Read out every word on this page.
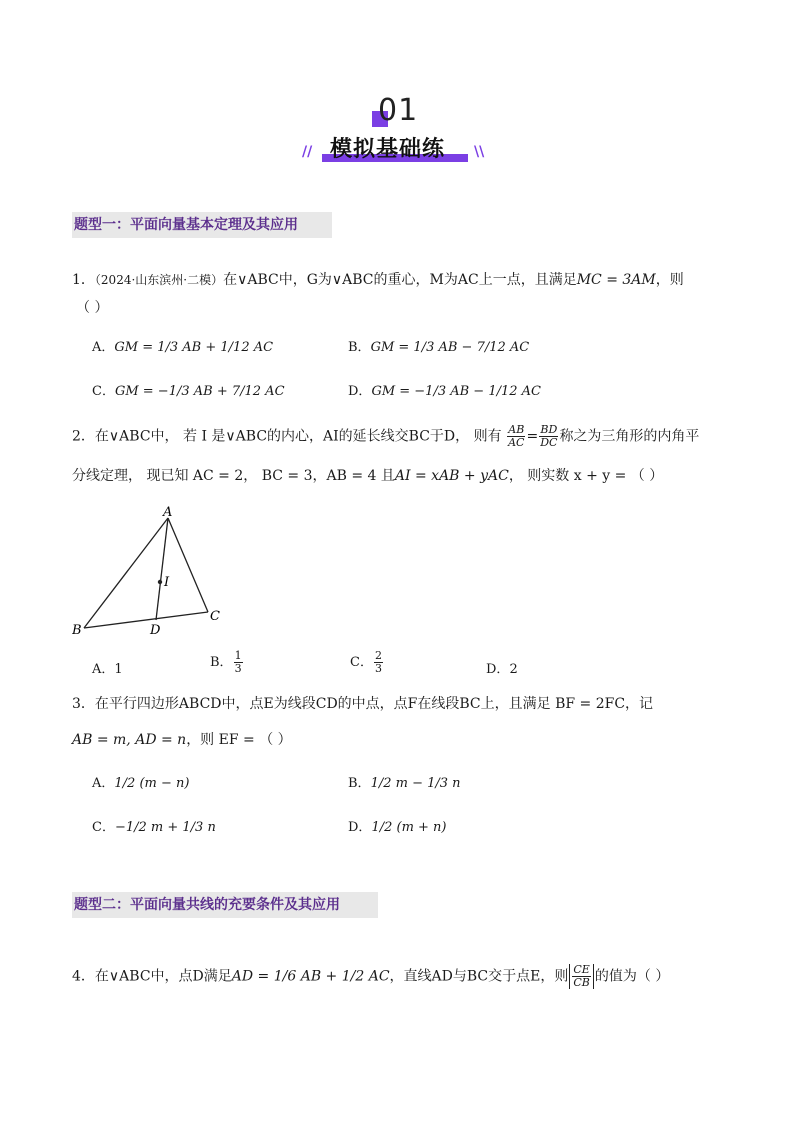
01
// 模拟基础练 \\
题型一：平面向量基本定理及其应用
1．（2024·山东滨州·二模）在∨ABC中，G为∨ABC的重心，M为AC上一点，且满足MC = 3AM，则
（ ）
A．GM = 1/3 AB + 1/12 AC	B．GM = 1/3 AB − 7/12 AC
C．GM = −1/3 AB + 7/12 AC	D．GM = −1/3 AB − 1/12 AC
2．在∨ABC中， 若 I 是∨ABC的内心，AI的延长线交BC于D， 则有 $\frac{AB}{AC} = \frac{BD}{DC}$ 称之为三角形的内角平
分线定理， 现已知 AC = 2， BC = 3，AB = 4 且AI = xAB + yAC， 则实数 x + y = （ ）
A
B
C
D
I
A．1	B． $\frac{1}{3}$	C． $\frac{2}{3}$	D．2
3．在平行四边形ABCD中，点E为线段CD的中点，点F在线段BC上，且满足 BF = 2FC，记
AB = m, AD = n，则 EF = （ ）
A．1/2 (m − n)	B．1/2 m − 1/3 n
C．−1/2 m + 1/3 n	D．1/2 (m + n)
题型二：平面向量共线的充要条件及其应用
4．在∨ABC中，点D满足AD = 1/6 AB + 1/2 AC，直线AD与BC交于点E，则 $\frac{CE}{CB}$ 的值为（ ）
